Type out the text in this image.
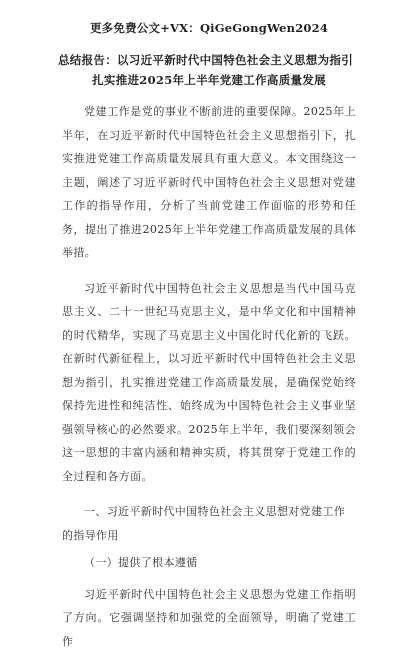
更多免费公文+VX：QiGeGongWen2024
总结报告：以习近平新时代中国特色社会主义思想为指引
扎实推进2025年上半年党建工作高质量发展

党建工作是党的事业不断前进的重要保障。2025年上半年，在习近平新时代中国特色社会主义思想指引下，扎实推进党建工作高质量发展具有重大意义。本文围绕这一主题，阐述了习近平新时代中国特色社会主义思想对党建工作的指导作用，分析了当前党建工作面临的形势和任务，提出了推进2025年上半年党建工作高质量发展的具体举措。

习近平新时代中国特色社会主义思想是当代中国马克思主义、二十一世纪马克思主义，是中华文化和中国精神的时代精华，实现了马克思主义中国化时代化新的飞跃。在新时代新征程上，以习近平新时代中国特色社会主义思想为指引，扎实推进党建工作高质量发展，是确保党始终保持先进性和纯洁性、始终成为中国特色社会主义事业坚强领导核心的必然要求。2025年上半年，我们要深刻领会这一思想的丰富内涵和精神实质，将其贯穿于党建工作的全过程和各方面。

一、习近平新时代中国特色社会主义思想对党建工作的指导作用

（一）提供了根本遵循

习近平新时代中国特色社会主义思想为党建工作指明了方向。它强调坚持和加强党的全面领导，明确了党建工作
